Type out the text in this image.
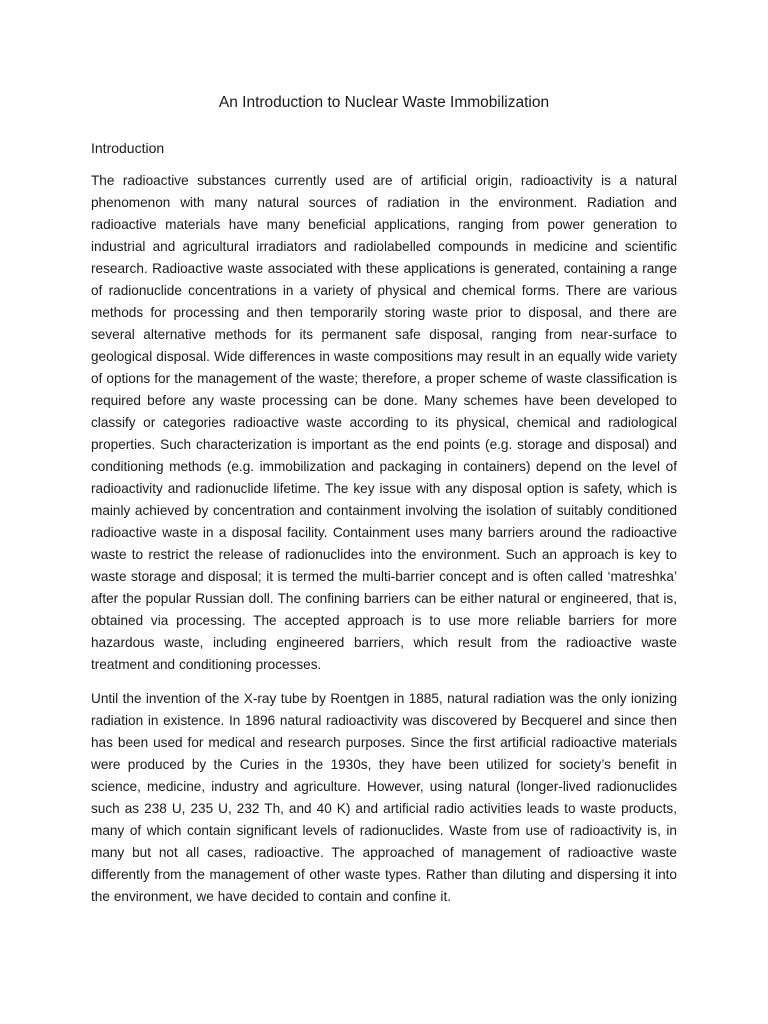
An Introduction to Nuclear Waste Immobilization
Introduction

The radioactive substances currently used are of artificial origin, radioactivity is a natural phenomenon with many natural sources of radiation in the environment. Radiation and radioactive materials have many beneficial applications, ranging from power generation to industrial and agricultural irradiators and radiolabelled compounds in medicine and scientific research. Radioactive waste associated with these applications is generated, containing a range of radionuclide concentrations in a variety of physical and chemical forms. There are various methods for processing and then temporarily storing waste prior to disposal, and there are several alternative methods for its permanent safe disposal, ranging from near-surface to geological disposal. Wide differences in waste compositions may result in an equally wide variety of options for the management of the waste; therefore, a proper scheme of waste classification is required before any waste processing can be done. Many schemes have been developed to classify or categories radioactive waste according to its physical, chemical and radiological properties. Such characterization is important as the end points (e.g. storage and disposal) and conditioning methods (e.g. immobilization and packaging in containers) depend on the level of radioactivity and radionuclide lifetime. The key issue with any disposal option is safety, which is mainly achieved by concentration and containment involving the isolation of suitably conditioned radioactive waste in a disposal facility. Containment uses many barriers around the radioactive waste to restrict the release of radionuclides into the environment. Such an approach is key to waste storage and disposal; it is termed the multi-barrier concept and is often called ‘matreshka’ after the popular Russian doll. The confining barriers can be either natural or engineered, that is, obtained via processing. The accepted approach is to use more reliable barriers for more hazardous waste, including engineered barriers, which result from the radioactive waste treatment and conditioning processes.

Until the invention of the X-ray tube by Roentgen in 1885, natural radiation was the only ionizing radiation in existence. In 1896 natural radioactivity was discovered by Becquerel and since then has been used for medical and research purposes. Since the first artificial radioactive materials were produced by the Curies in the 1930s, they have been utilized for society’s benefit in science, medicine, industry and agriculture. However, using natural (longer-lived radionuclides such as 238 U, 235 U, 232 Th, and 40 K) and artificial radio activities leads to waste products, many of which contain significant levels of radionuclides. Waste from use of radioactivity is, in many but not all cases, radioactive. The approached of management of radioactive waste differently from the management of other waste types. Rather than diluting and dispersing it into the environment, we have decided to contain and confine it.
